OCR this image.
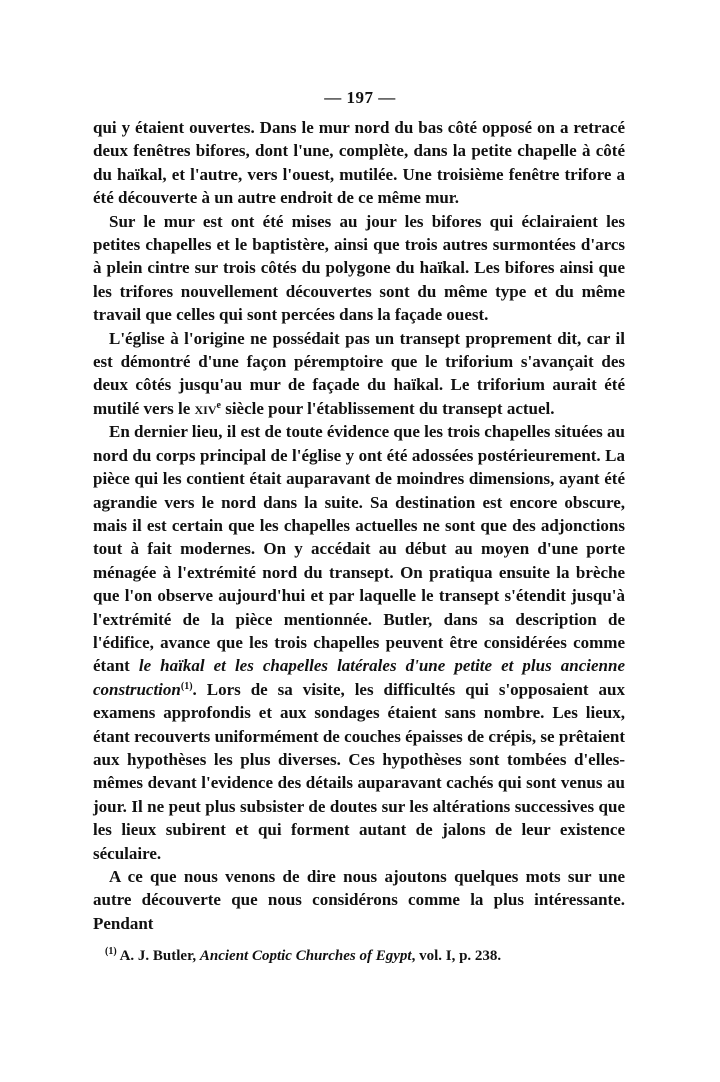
— 197 —

qui y étaient ouvertes. Dans le mur nord du bas côté opposé on a retracé deux fenêtres bifores, dont l'une, complète, dans la petite chapelle à côté du haïkal, et l'autre, vers l'ouest, mutilée. Une troisième fenêtre trifore a été découverte à un autre endroit de ce même mur.

Sur le mur est ont été mises au jour les bifores qui éclairaient les petites chapelles et le baptistère, ainsi que trois autres surmontées d'arcs à plein cintre sur trois côtés du polygone du haïkal. Les bifores ainsi que les trifores nouvellement découvertes sont du même type et du même travail que celles qui sont percées dans la façade ouest.

L'église à l'origine ne possédait pas un transept proprement dit, car il est démontré d'une façon péremptoire que le triforium s'avançait des deux côtés jusqu'au mur de façade du haïkal. Le triforium aurait été mutilé vers le xiv$^e$ siècle pour l'établissement du transept actuel.

En dernier lieu, il est de toute évidence que les trois chapelles situées au nord du corps principal de l'église y ont été adossées postérieurement. La pièce qui les contient était auparavant de moindres dimensions, ayant été agrandie vers le nord dans la suite. Sa destination est encore obscure, mais il est certain que les chapelles actuelles ne sont que des adjonctions tout à fait modernes. On y accédait au début au moyen d'une porte ménagée à l'extrémité nord du transept. On pratiqua ensuite la brèche que l'on observe aujourd'hui et par laquelle le transept s'étendit jusqu'à l'extrémité de la pièce mentionnée. Butler, dans sa description de l'édifice, avance que les trois chapelles peuvent être considérées comme étant le haïkal et les chapelles latérales d'une petite et plus ancienne construction$^{(1)}$. Lors de sa visite, les difficultés qui s'opposaient aux examens approfondis et aux sondages étaient sans nombre. Les lieux, étant recouverts uniformément de couches épaisses de crépis, se prêtaient aux hypothèses les plus diverses. Ces hypothèses sont tombées d'elles-mêmes devant l'evidence des détails auparavant cachés qui sont venus au jour. Il ne peut plus subsister de doutes sur les altérations successives que les lieux subirent et qui forment autant de jalons de leur existence séculaire.

A ce que nous venons de dire nous ajoutons quelques mots sur une autre découverte que nous considérons comme la plus intéressante. Pendant

$^{(1)}$ A. J. Butler, Ancient Coptic Churches of Egypt, vol. I, p. 238.
